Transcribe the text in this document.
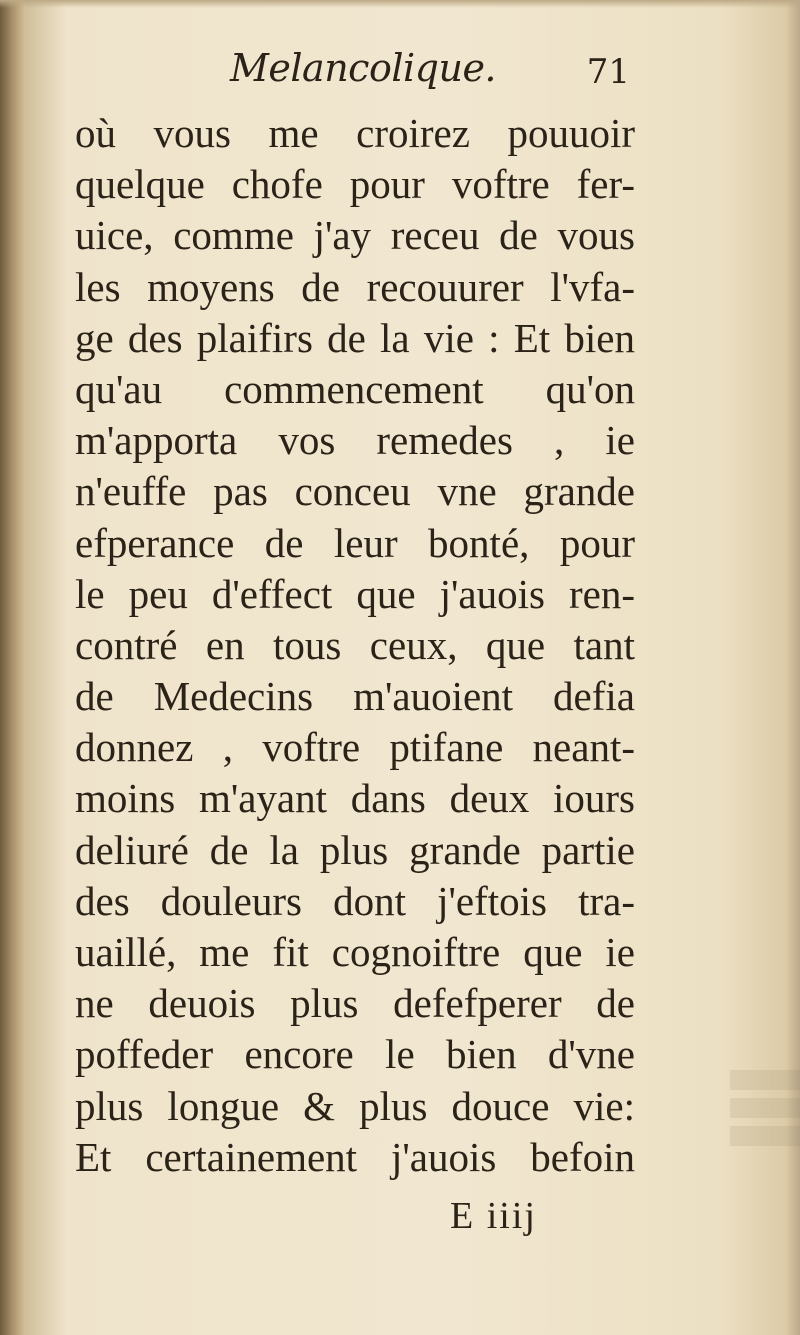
Melancolique.	71
où vous me croirez pouuoir
quelque chofe pour voftre fer-
uice, comme j'ay receu de vous
les moyens de recouurer l'vfa-
ge des plaifirs de la vie : Et bien
qu'au commencement qu'on
m'apporta vos remedes , ie
n'euffe pas conceu vne grande
efperance de leur bonté, pour
le peu d'effect que j'auois ren-
contré en tous ceux, que tant
de Medecins m'auoient defia
donnez , voftre ptifane neant-
moins m'ayant dans deux iours
deliuré de la plus grande partie
des douleurs dont j'eftois tra-
uaillé, me fit cognoiftre que ie
ne deuois plus defefperer de
poffeder encore le bien d'vne
plus longue & plus douce vie:
Et certainement j'auois befoin
E iiij
